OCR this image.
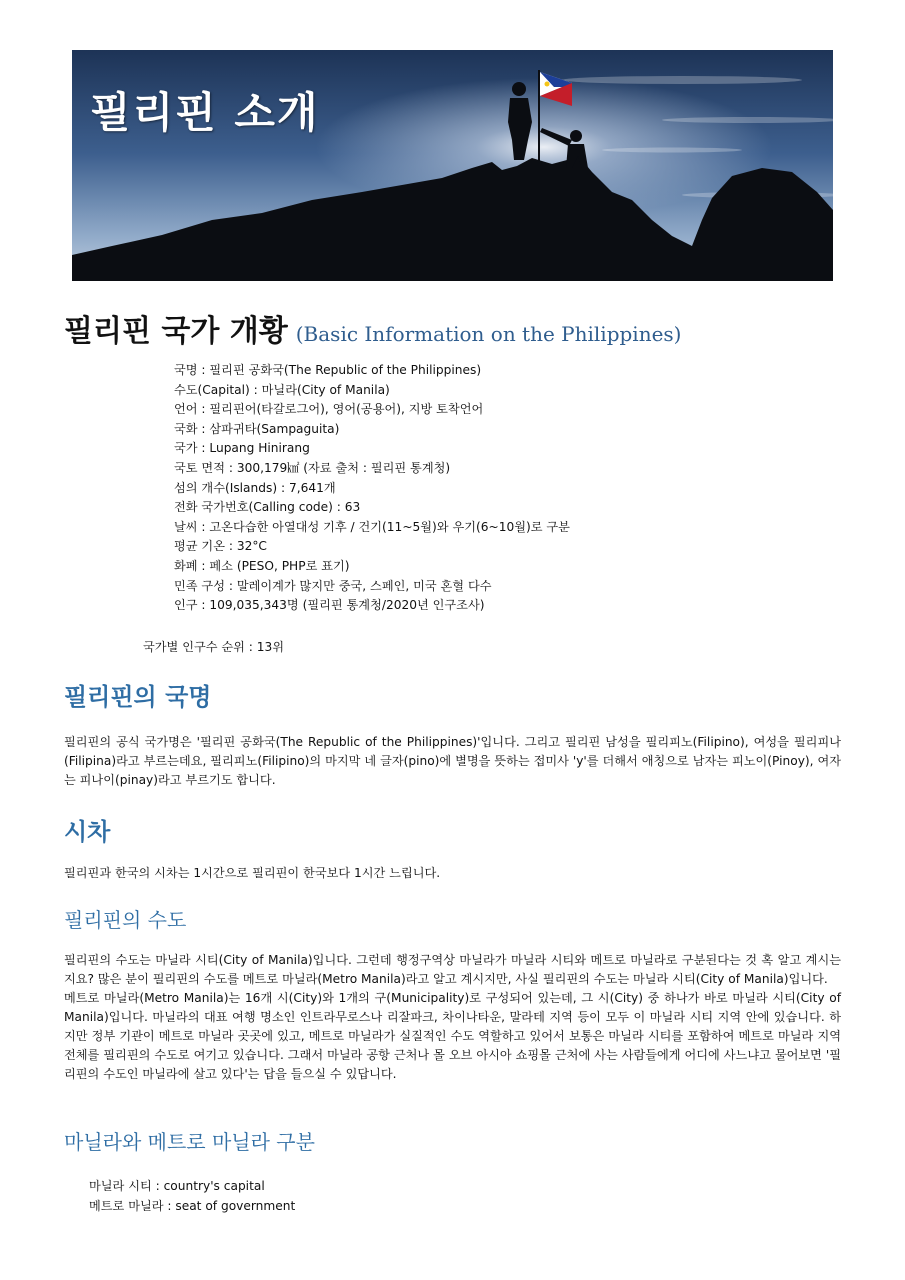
필리핀 소개
필리핀 국가 개황 (Basic Information on the Philippines)
국명 : 필리핀 공화국(The Republic of the Philippines)
수도(Capital) : 마닐라(City of Manila)
언어 : 필리핀어(타갈로그어), 영어(공용어), 지방 토착언어
국화 : 삼파귀타(Sampaguita)
국가 : Lupang Hinirang
국토 면적 : 300,179㎢ (자료 출처 : 필리핀 통계청)
섬의 개수(Islands) : 7,641개
전화 국가번호(Calling code) : 63
날씨 : 고온다습한 아열대성 기후 / 건기(11~5월)와 우기(6~10월)로 구분
평균 기온 : 32°C
화폐 : 페소 (PESO, PHP로 표기)
민족 구성 : 말레이계가 많지만 중국, 스페인, 미국 혼혈 다수
인구 : 109,035,343명 (필리핀 통계청/2020년 인구조사)

국가별 인구수 순위 : 13위

필리핀의 국명

필리핀의 공식 국가명은 '필리핀 공화국(The Republic of the Philippines)'입니다. 그리고 필리핀 남성을 필리피노(Filipino), 여성을 필리피나(Filipina)라고 부르는데요, 필리피노(Filipino)의 마지막 네 글자(pino)에 별명을 뜻하는 접미사 'y'를 더해서 애칭으로 남자는 피노이(Pinoy), 여자는 피나이(pinay)라고 부르기도 합니다.

시차

필리핀과 한국의 시차는 1시간으로 필리핀이 한국보다 1시간 느립니다.

필리핀의 수도

필리핀의 수도는 마닐라 시티(City of Manila)입니다. 그런데 행정구역상 마닐라가 마닐라 시티와 메트로 마닐라로 구분된다는 것 혹 알고 계시는지요? 많은 분이 필리핀의 수도를 메트로 마닐라(Metro Manila)라고 알고 계시지만, 사실 필리핀의 수도는 마닐라 시티(City of Manila)입니다.

메트로 마닐라(Metro Manila)는 16개 시(City)와 1개의 구(Municipality)로 구성되어 있는데, 그 시(City) 중 하나가 바로 마닐라 시티(City of Manila)입니다. 마닐라의 대표 여행 명소인 인트라무로스나 리잘파크, 차이나타운, 말라테 지역 등이 모두 이 마닐라 시티 지역 안에 있습니다. 하지만 정부 기관이 메트로 마닐라 곳곳에 있고, 메트로 마닐라가 실질적인 수도 역할하고 있어서 보통은 마닐라 시티를 포함하여 메트로 마닐라 지역 전체를 필리핀의 수도로 여기고 있습니다. 그래서 마닐라 공항 근처나 몰 오브 아시아 쇼핑몰 근처에 사는 사람들에게 어디에 사느냐고 물어보면 '필리핀의 수도인 마닐라에 살고 있다'는 답을 들으실 수 있답니다.

마닐라와 메트로 마닐라 구분
마닐라 시티 : country's capital
메트로 마닐라 : seat of government
